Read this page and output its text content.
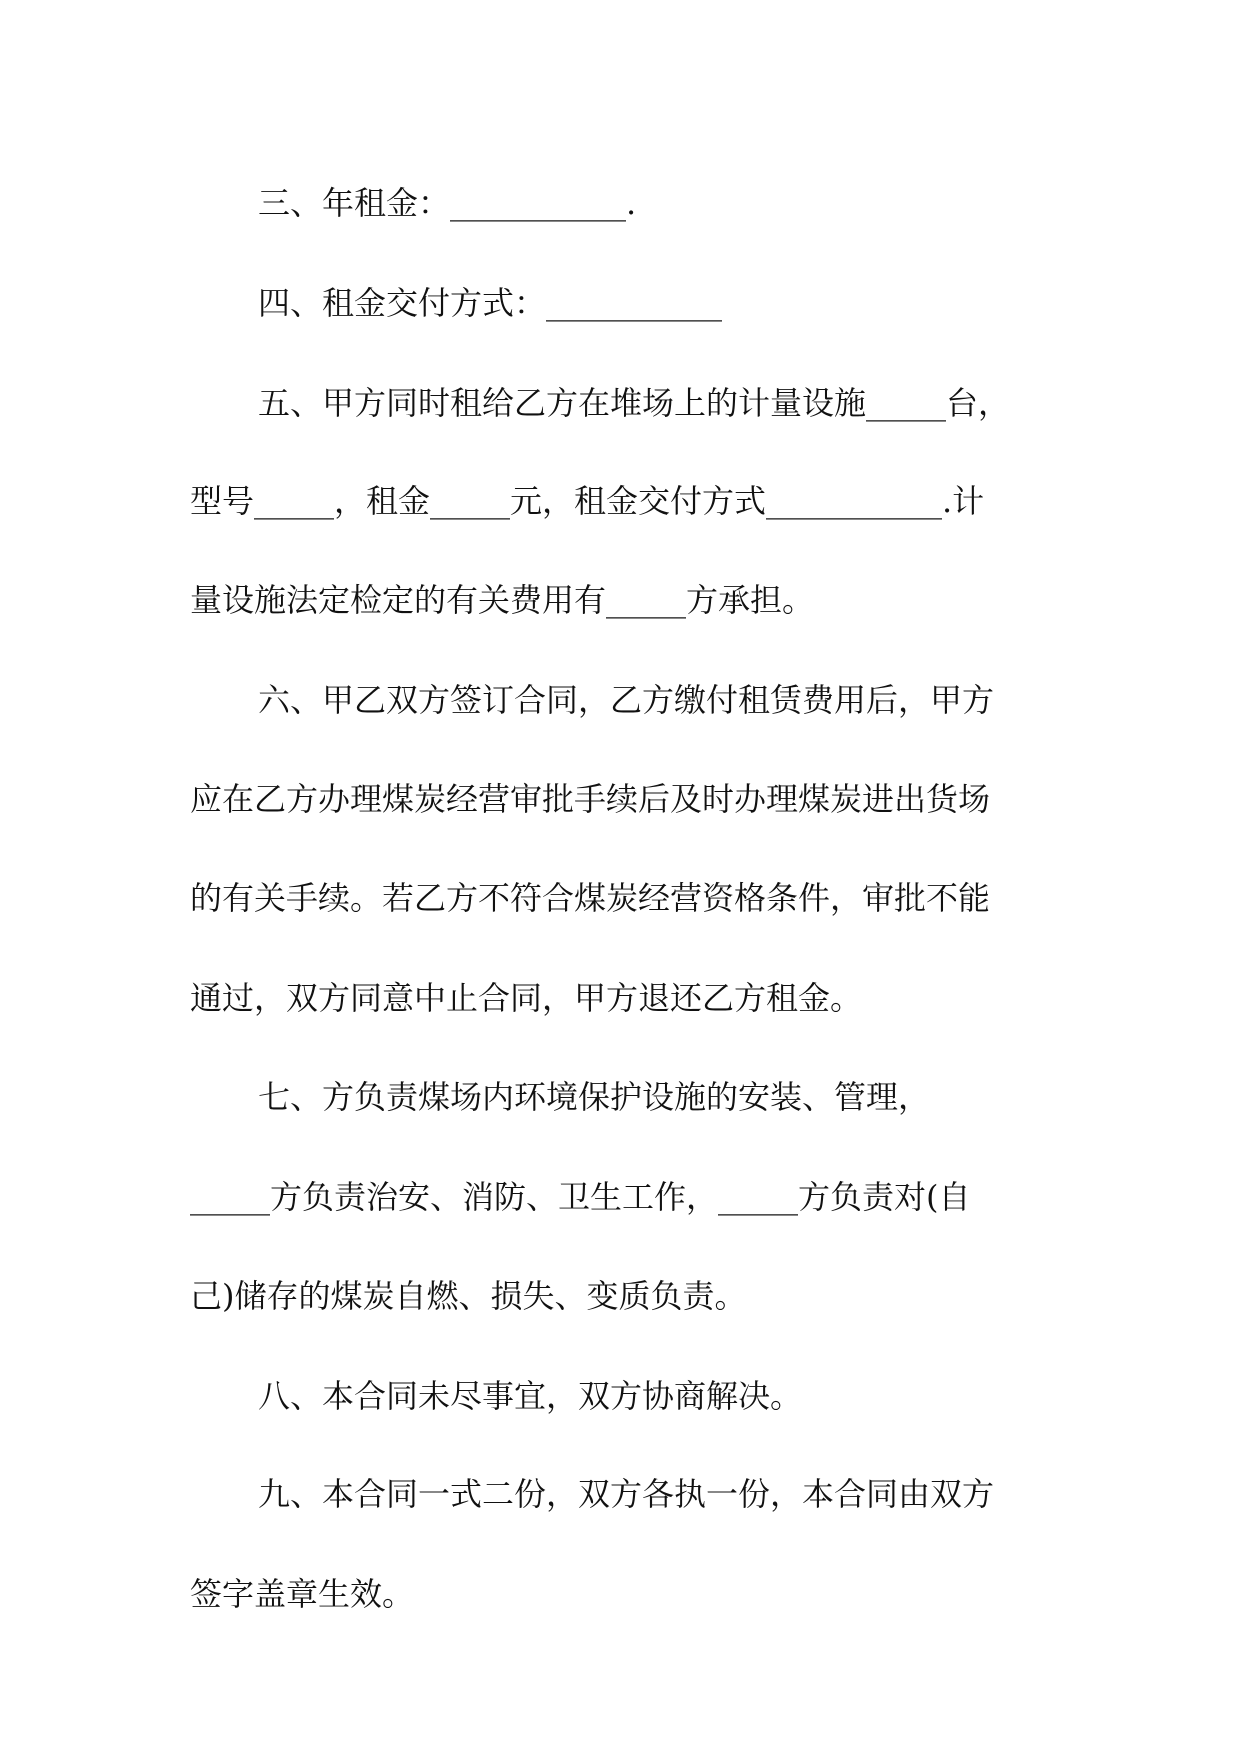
三、年租金：___________.
四、租金交付方式：___________
五、甲方同时租给乙方在堆场上的计量设施_____台，
型号_____，租金_____元，租金交付方式___________.计
量设施法定检定的有关费用有_____方承担。
六、甲乙双方签订合同，乙方缴付租赁费用后，甲方
应在乙方办理煤炭经营审批手续后及时办理煤炭进出货场
的有关手续。若乙方不符合煤炭经营资格条件，审批不能
通过，双方同意中止合同，甲方退还乙方租金。
七、方负责煤场内环境保护设施的安装、管理，
_____方负责治安、消防、卫生工作，_____方负责对(自
己)储存的煤炭自燃、损失、变质负责。
八、本合同未尽事宜，双方协商解决。
九、本合同一式二份，双方各执一份，本合同由双方
签字盖章生效。
